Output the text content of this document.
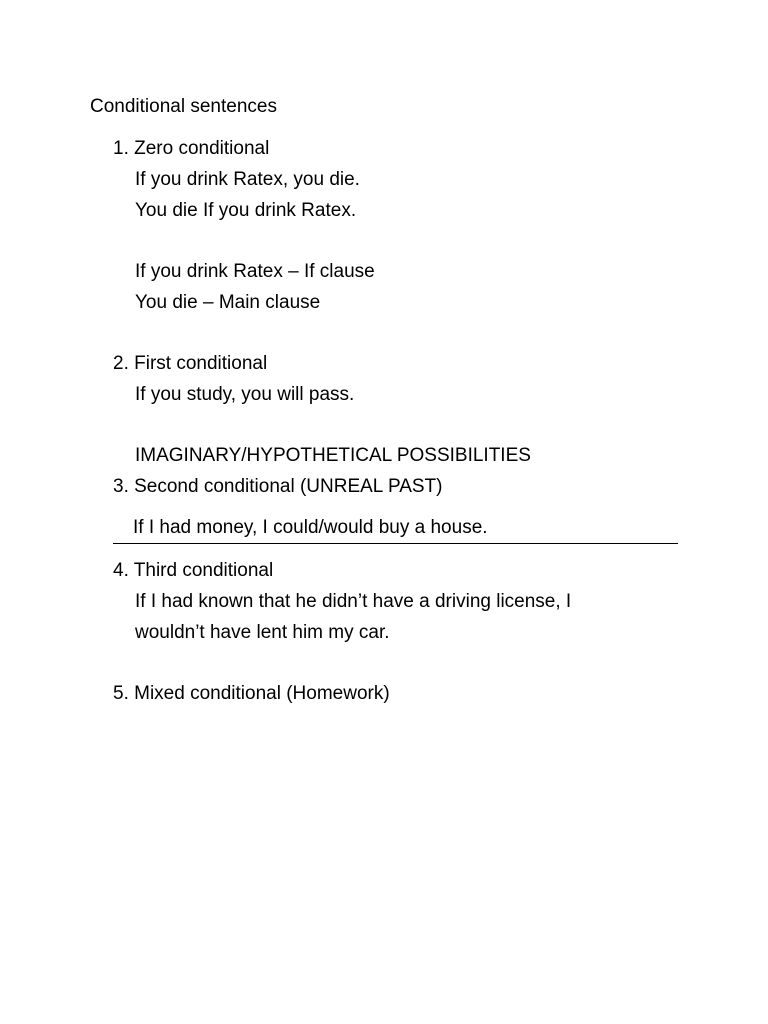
Conditional sentences
1. Zero conditional
If you drink Ratex, you die.
You die If you drink Ratex.
If you drink Ratex – If clause
You die – Main clause
2. First conditional
If you study, you will pass.
IMAGINARY/HYPOTHETICAL POSSIBILITIES
3. Second conditional (UNREAL PAST)
If I had money, I could/would buy a house.
4. Third conditional
If I had known that he didn’t have a driving license, I
wouldn’t have lent him my car.
5. Mixed conditional (Homework)
